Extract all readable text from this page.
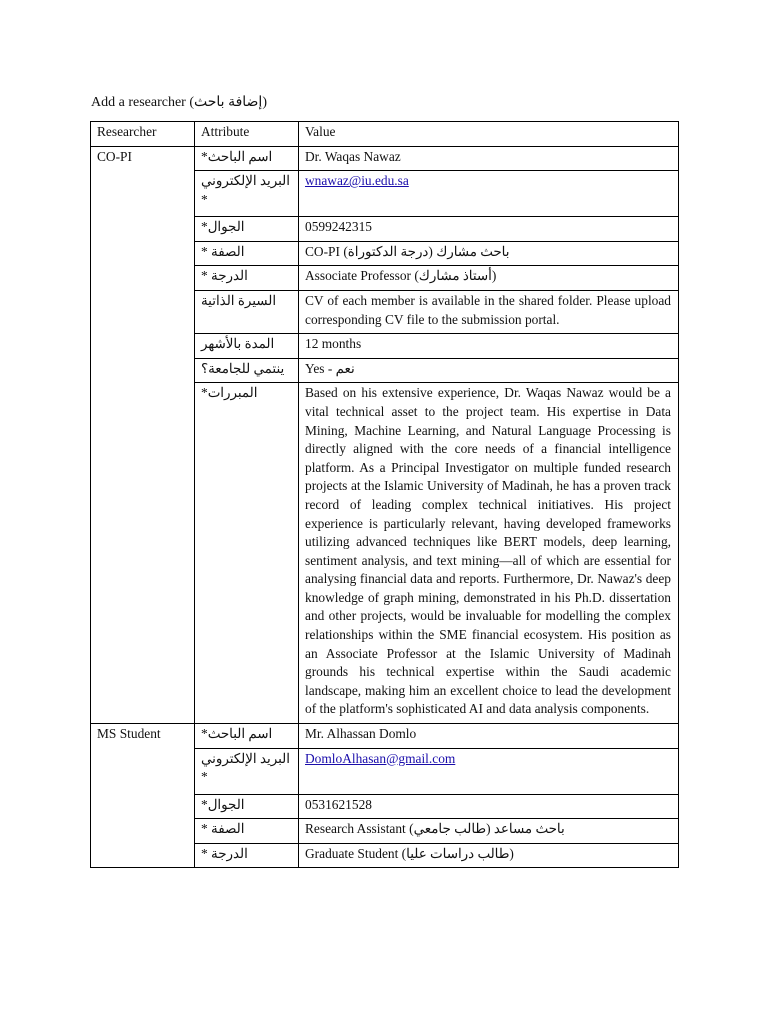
Add a researcher (إضافة باحث)
Researcher	Attribute	Value
CO-PI	اسم الباحث*	Dr. Waqas Nawaz
	البريد الإلكتروني *	wnawaz@iu.edu.sa
	الجوال*	0599242315
	الصفة *	CO-PI (درجة الدكتوراة) باحث مشارك
	الدرجة *	Associate Professor (أستاذ مشارك)
	السيرة الذاتية	CV of each member is available in the shared folder. Please upload corresponding CV file to the submission portal.
	المدة بالأشهر	12 months
	ينتمي للجامعة؟	Yes - نعم
	المبررات*	Based on his extensive experience, Dr. Waqas Nawaz would be a vital technical asset to the project team. His expertise in Data Mining, Machine Learning, and Natural Language Processing is directly aligned with the core needs of a financial intelligence platform. As a Principal Investigator on multiple funded research projects at the Islamic University of Madinah, he has a proven track record of leading complex technical initiatives. His project experience is particularly relevant, having developed frameworks utilizing advanced techniques like BERT models, deep learning, sentiment analysis, and text mining—all of which are essential for analysing financial data and reports. Furthermore, Dr. Nawaz's deep knowledge of graph mining, demonstrated in his Ph.D. dissertation and other projects, would be invaluable for modelling the complex relationships within the SME financial ecosystem. His position as an Associate Professor at the Islamic University of Madinah grounds his technical expertise within the Saudi academic landscape, making him an excellent choice to lead the development of the platform's sophisticated AI and data analysis components.
MS Student	اسم الباحث*	Mr. Alhassan Domlo
	البريد الإلكتروني *	DomloAlhasan@gmail.com
	الجوال*	0531621528
	الصفة *	Research Assistant (طالب جامعي) باحث مساعد
	الدرجة *	Graduate Student (طالب دراسات عليا)
